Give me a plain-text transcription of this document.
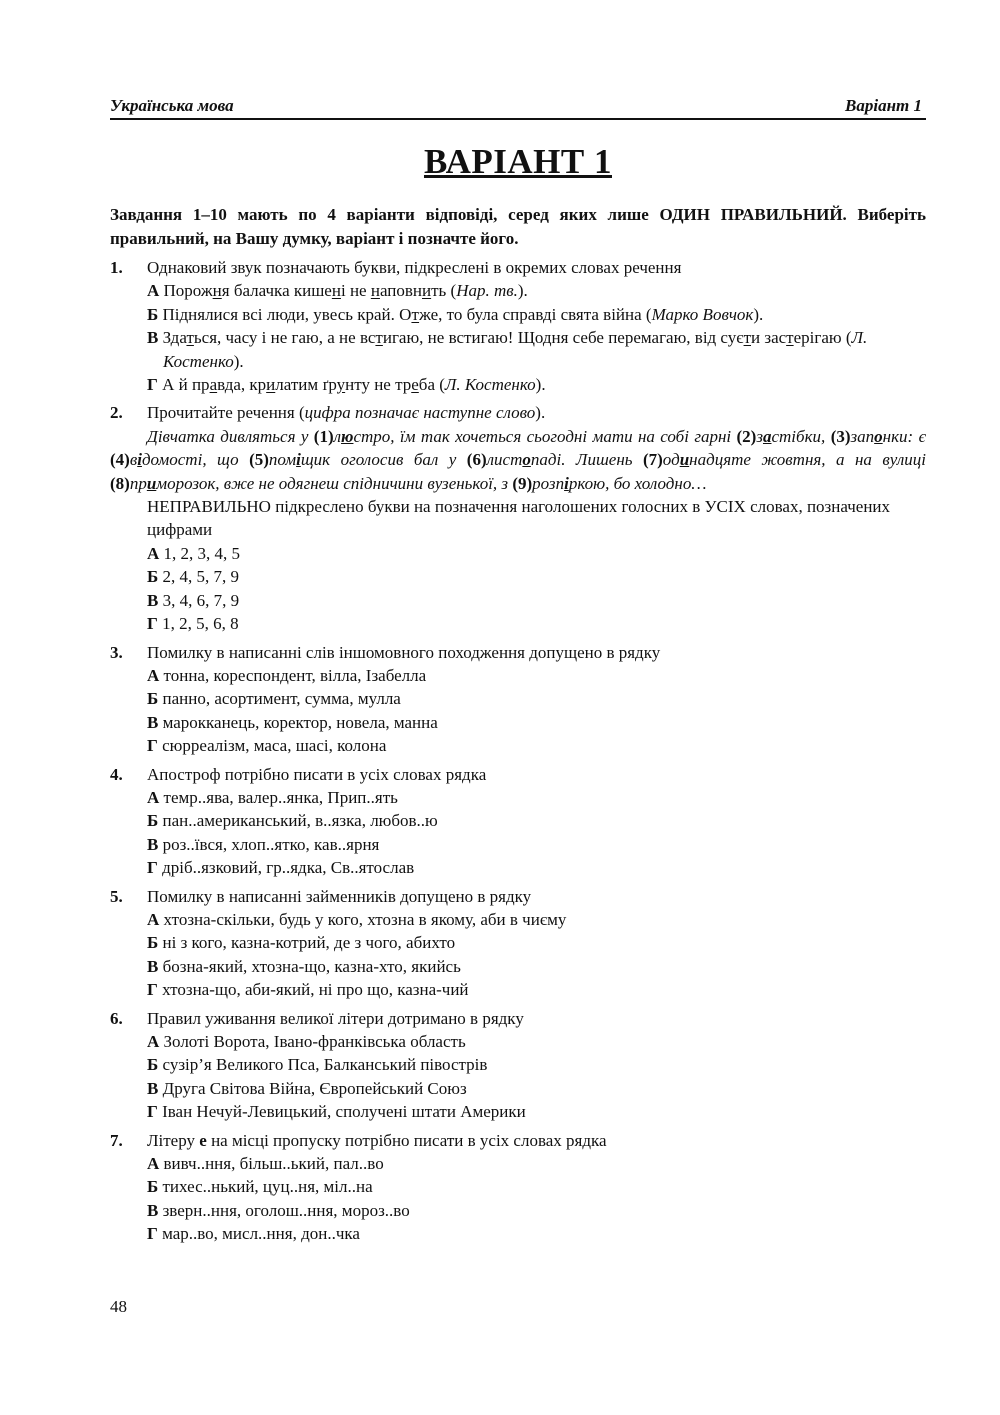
Українська мова	Варіант 1
ВАРІАНТ 1
Завдання 1–10 мають по 4 варіанти відповіді, серед яких лише ОДИН ПРАВИЛЬНИЙ. Виберіть правильний, на Вашу думку, варіант і позначте його.
1. Однаковий звук позначають букви, підкреслені в окремих словах речення
А Порожня балачка кишені не наповнить (Нар. тв.).
Б Піднялися всі люди, увесь край. Отже, то була справді свята війна (Марко Вовчок).
В Здаться, часу і не гаю, а не встигаю, не встигаю! Щодня себе перемагаю, від суєти застерігаю (Л. Костенко).
Г А й правда, крилатим ґрунту не треба (Л. Костенко).
2. Прочитайте речення (цифра позначає наступне слово).
Дівчатка дивляться у (1)люстро, їм так хочеться сьогодні мати на собі гарні (2)застібки, (3)запонки: є (4)відомості, що (5)поміщик оголосив бал у (6)листопаді. Лишень (7)одинадцяте жовтня, а на вулиці (8)приморозок, вже не одягнеш спідничини вузенької, з (9)розпіркою, бо холодно…
НЕПРАВИЛЬНО підкреслено букви на позначення наголошених голосних в УСІХ словах, позначених цифрами
А 1, 2, 3, 4, 5
Б 2, 4, 5, 7, 9
В 3, 4, 6, 7, 9
Г 1, 2, 5, 6, 8
3. Помилку в написанні слів іншомовного походження допущено в рядку
А тонна, кореспондент, вілла, Ізабелла
Б панно, асортимент, сумма, мулла
В марокканець, коректор, новела, манна
Г сюрреалізм, маса, шасі, колона
4. Апостроф потрібно писати в усіх словах рядка
А темр..ява, валер..янка, Прип..ять
Б пан..американський, в..язка, любов..ю
В роз..ївся, хлоп..ятко, кав..ярня
Г дріб..язковий, гр..ядка, Св..ятослав
5. Помилку в написанні займенників допущено в рядку
А хтозна-скільки, будь у кого, хтозна в якому, аби в чиєму
Б ні з кого, казна-котрий, де з чого, абихто
В бозна-який, хтозна-що, казна-хто, якийсь
Г хтозна-що, аби-який, ні про що, казна-чий
6. Правил уживання великої літери дотримано в рядку
А Золоті Ворота, Івано-франківська область
Б сузір’я Великого Пса, Балканський півострів
В Друга Світова Війна, Європейський Союз
Г Іван Нечуй-Левицький, сполучені штати Америки
7. Літеру е на місці пропуску потрібно писати в усіх словах рядка
А вивч..ння, більш..ький, пал..во
Б тихес..нький, цуц..ня, міл..на
В зверн..ння, оголош..ння, мороз..во
Г мар..во, мисл..ння, дон..чка
48
